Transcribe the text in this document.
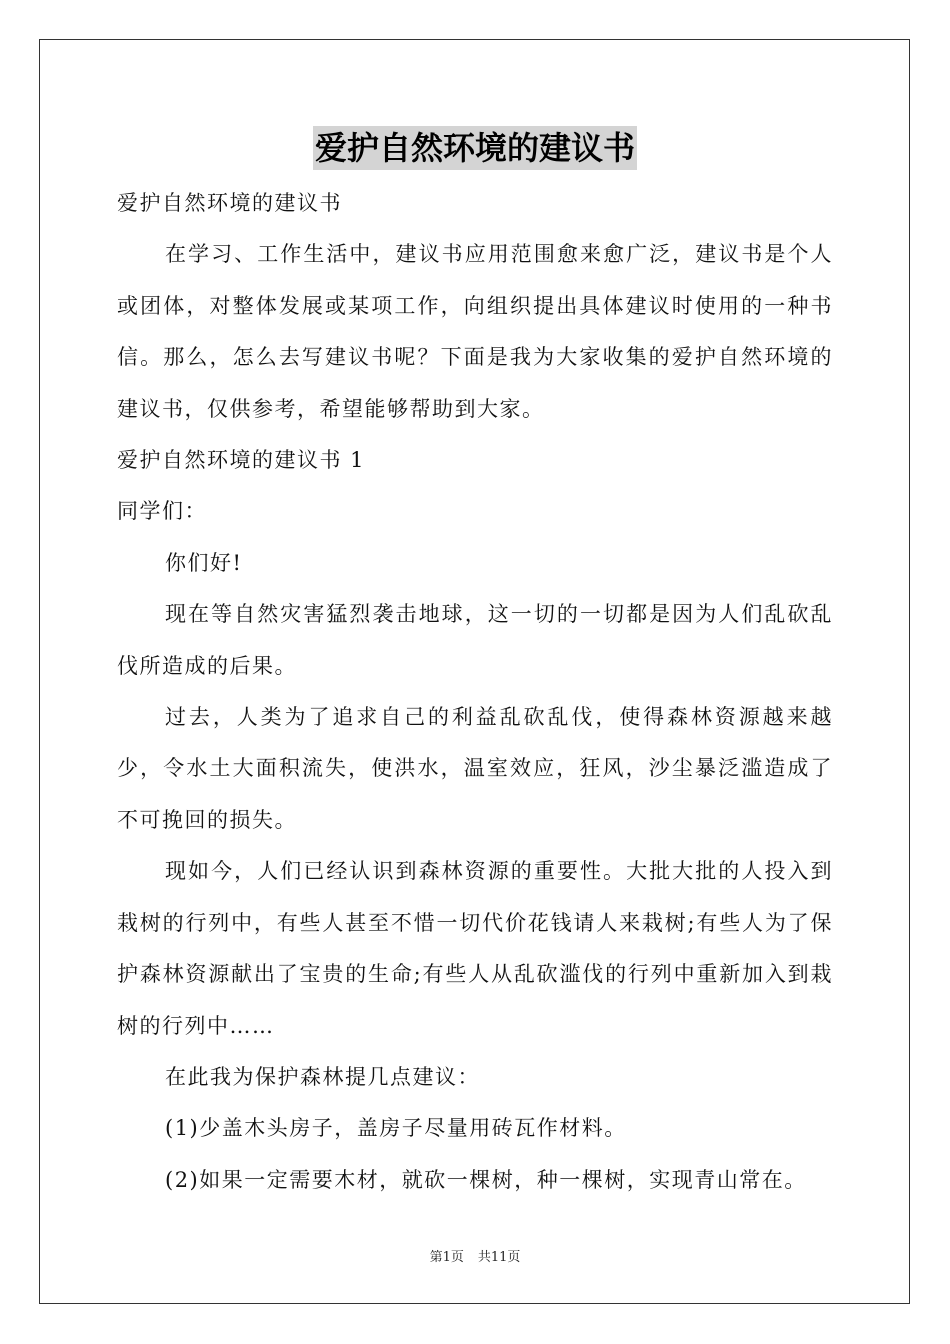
爱护自然环境的建议书

爱护自然环境的建议书

在学习、工作生活中，建议书应用范围愈来愈广泛，建议书是个人或团体，对整体发展或某项工作，向组织提出具体建议时使用的一种书信。那么，怎么去写建议书呢？下面是我为大家收集的爱护自然环境的建议书，仅供参考，希望能够帮助到大家。

爱护自然环境的建议书 1

同学们：

你们好!

现在等自然灾害猛烈袭击地球，这一切的一切都是因为人们乱砍乱伐所造成的后果。

过去，人类为了追求自己的利益乱砍乱伐，使得森林资源越来越少，令水土大面积流失，使洪水，温室效应，狂风，沙尘暴泛滥造成了不可挽回的损失。

现如今，人们已经认识到森林资源的重要性。大批大批的人投入到栽树的行列中，有些人甚至不惜一切代价花钱请人来栽树;有些人为了保护森林资源献出了宝贵的生命;有些人从乱砍滥伐的行列中重新加入到栽树的行列中……

在此我为保护森林提几点建议：

(1)少盖木头房子，盖房子尽量用砖瓦作材料。

(2)如果一定需要木材，就砍一棵树，种一棵树，实现青山常在。

第1页 共11页
